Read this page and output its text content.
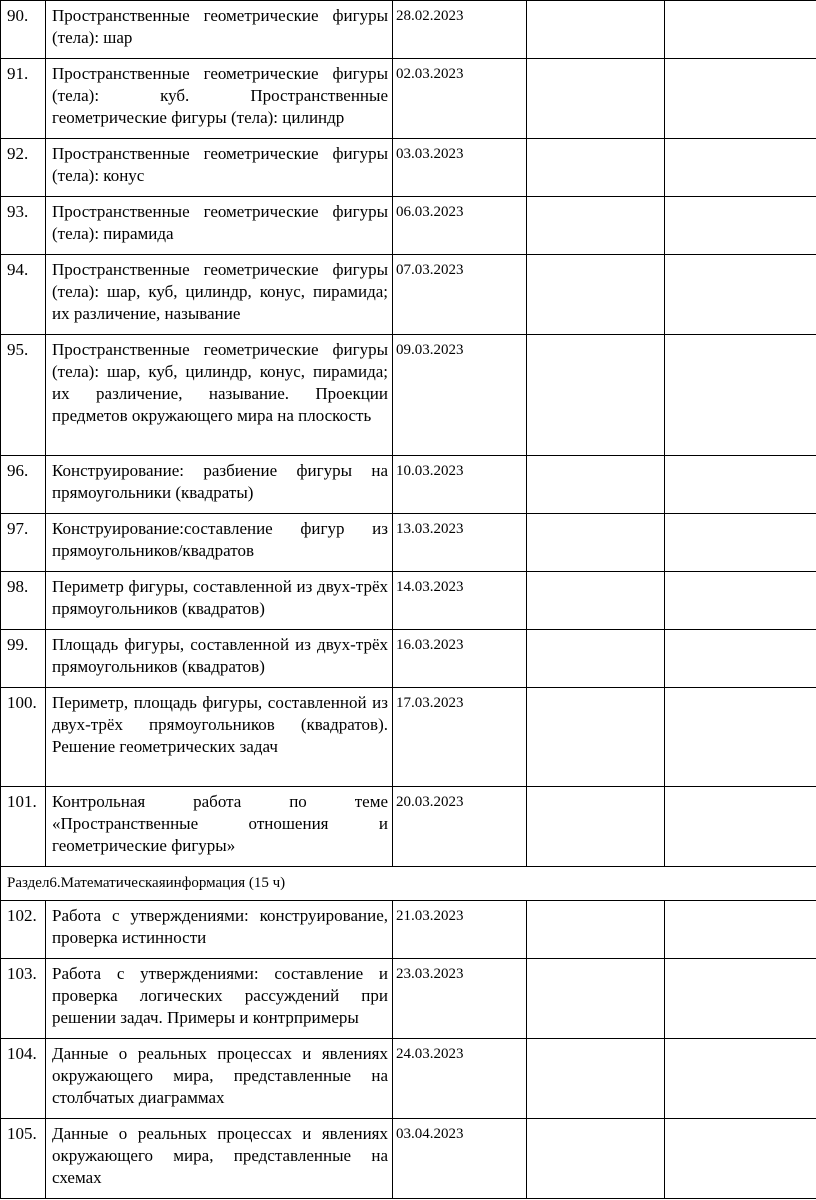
90.	Пространственные геометрические фигуры (тела): шар	28.02.2023		
91.	Пространственные геометрические фигуры (тела): куб. Пространственные геометрические фигуры (тела): цилиндр	02.03.2023		
92.	Пространственные геометрические фигуры (тела): конус	03.03.2023		
93.	Пространственные геометрические фигуры (тела): пирамида	06.03.2023		
94.	Пространственные геометрические фигуры (тела): шар, куб, цилиндр, конус, пирамида; их различение, называние	07.03.2023		
95.	Пространственные геометрические фигуры (тела): шар, куб, цилиндр, конус, пирамида; их различение, называние. Проекции предметов окружающего мира на плоскость	09.03.2023		
96.	Конструирование: разбиение фигуры на прямоугольники (квадраты)	10.03.2023		
97.	Конструирование:составление фигур из прямоугольников/квадратов	13.03.2023		
98.	Периметр фигуры, составленной из двух-трёх прямоугольников (квадратов)	14.03.2023		
99.	Площадь фигуры, составленной из двух-трёх прямоугольников (квадратов)	16.03.2023		
100.	Периметр, площадь фигуры, составленной из двух-трёх прямоугольников (квадратов). Решение геометрических задач	17.03.2023		
101.	Контрольная работа по теме «Пространственные отношения и геометрические фигуры»	20.03.2023		
Раздел6.Математическаяинформация (15 ч)				
102.	Работа с утверждениями: конструирование, проверка истинности	21.03.2023		
103.	Работа с утверждениями: составление и проверка логических рассуждений при решении задач. Примеры и контрпримеры	23.03.2023		
104.	Данные о реальных процессах и явлениях окружающего мира, представленные на столбчатых диаграммах	24.03.2023		
105.	Данные о реальных процессах и явлениях окружающего мира, представленные на схемах	03.04.2023		
